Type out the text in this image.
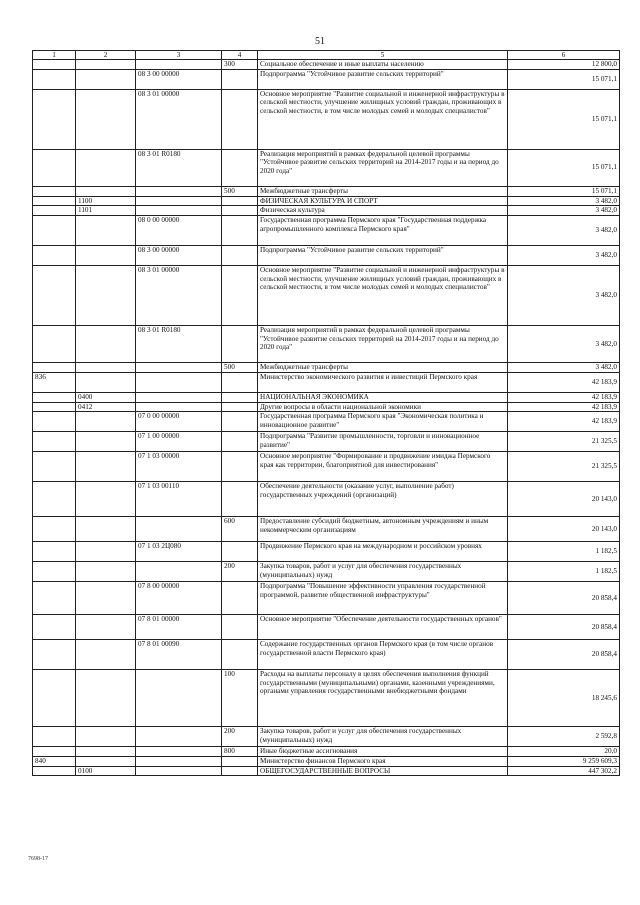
51
1	2	3	4	5	6
			300	Социальное обеспечение и иные выплаты населению	12 800,0
		08 3 00 00000		Подпрограмма "Устойчивое развитие сельских территорий"	15 071,1
		08 3 01 00000		Основное мероприятие "Развитие социальной и инженерной инфраструктуры в сельской местности, улучшение жилищных условий граждан, проживающих в сельской местности, в том числе молодых семей и молодых специалистов"	15 071,1
		08 3 01 R0180		Реализация мероприятий в рамках федеральной целевой программы "Устойчивое развитие сельских территорий на 2014-2017 годы и на период до 2020 года"	15 071,1
			500	Межбюджетные трансферты	15 071,1
	1100			ФИЗИЧЕСКАЯ КУЛЬТУРА И СПОРТ	3 482,0
	1101			Физическая культура	3 482,0
		08 0 00 00000		Государственная программа Пермского края "Государственная поддержка агропромышленного комплекса Пермского края"	3 482,0
		08 3 00 00000		Подпрограмма "Устойчивое развитие сельских территорий"	3 482,0
		08 3 01 00000		Основное мероприятие "Развитие социальной и инженерной инфраструктуры в сельской местности, улучшение жилищных условий граждан, проживающих в сельской местности, в том числе молодых семей и молодых специалистов"	3 482,0
		08 3 01 R0180		Реализация мероприятий в рамках федеральной целевой программы "Устойчивое развитие сельских территорий на 2014-2017 годы и на период до 2020 года"	3 482,0
			500	Межбюджетные трансферты	3 482,0
836				Министерство экономического развития и инвестиций Пермского края	42 183,9
	0400			НАЦИОНАЛЬНАЯ ЭКОНОМИКА	42 183,9
	0412			Другие вопросы в области национальной экономики	42 183,9
		07 0 00 00000		Государственная программа Пермского края "Экономическая политика и инновационное развитие"	42 183,9
		07 1 00 00000		Подпрограмма "Развитие промышленности, торговли и инновационное развитие"	21 325,5
		07 1 03 00000		Основное мероприятие "Формирование и продвижение имиджа Пермского края как территории, благоприятной для инвестирования"	21 325,5
		07 1 03 00110		Обеспечение деятельности (оказание услуг, выполнение работ) государственных учреждений (организаций)	20 143,0
			600	Предоставление субсидий бюджетным, автономным учреждениям и иным некоммерческим организациям	20 143,0
		07 1 03 2Ц080		Продвижение Пермского края на международном и российском уровнях	1 182,5
			200	Закупка товаров, работ и услуг для обеспечения государственных (муниципальных) нужд	1 182,5
		07 8 00 00000		Подпрограмма "Повышение эффективности управления государственной программой, развитие общественной инфраструктуры"	20 858,4
		07 8 01 00000		Основное мероприятие "Обеспечение деятельности государственных органов"	20 858,4
		07 8 01 00090		Содержание государственных органов Пермского края (в том числе органов государственной власти Пермского края)	20 858,4
			100	Расходы на выплаты персоналу в целях обеспечения выполнения функций государственными (муниципальными) органами, казенными учреждениями, органами управления государственными внебюджетными фондами	18 245,6
			200	Закупка товаров, работ и услуг для обеспечения государственных (муниципальных) нужд	2 592,8
			800	Иные бюджетные ассигнования	20,0
840				Министерство финансов Пермского края	9 259 609,3
	0100			ОБЩЕГОСУДАРСТВЕННЫЕ ВОПРОСЫ	447 302,2
7698-17
